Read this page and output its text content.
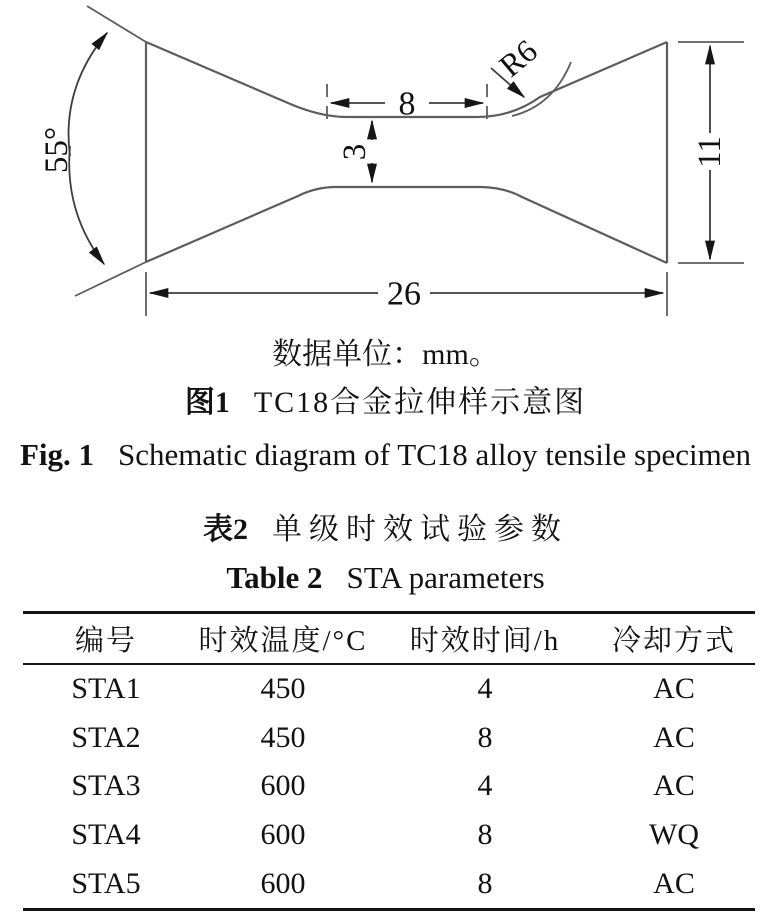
55°
8
3
R6
11
26
数据单位：mm。
图1 TC18合金拉伸样示意图
Fig. 1 Schematic diagram of TC18 alloy tensile specimen
表2 单级时效试验参数
Table 2 STA parameters
编号	时效温度/°C	时效时间/h	冷却方式
STA1	450	4	AC
STA2	450	8	AC
STA3	600	4	AC
STA4	600	8	WQ
STA5	600	8	AC
